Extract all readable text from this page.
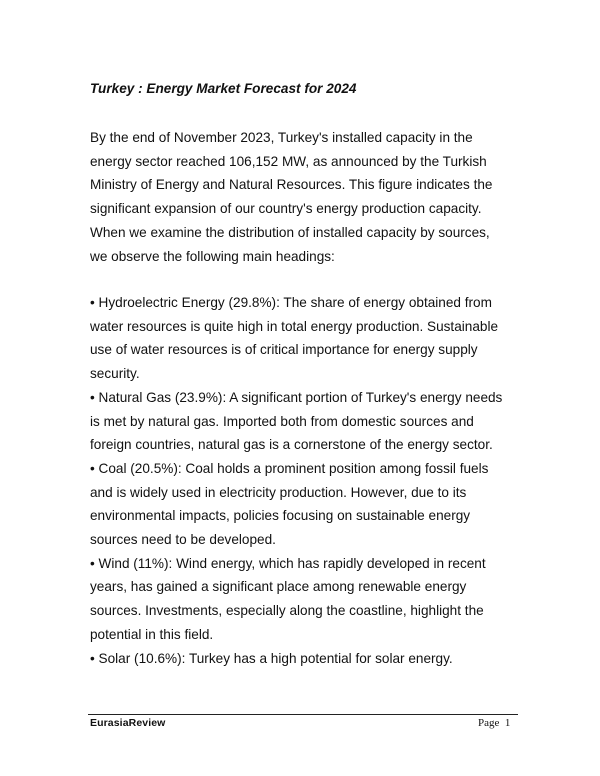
Turkey : Energy Market Forecast for 2024
By the end of November 2023, Turkey's installed capacity in the
energy sector reached 106,152 MW, as announced by the Turkish
Ministry of Energy and Natural Resources. This figure indicates the
significant expansion of our country's energy production capacity.
When we examine the distribution of installed capacity by sources,
we observe the following main headings:
• Hydroelectric Energy (29.8%): The share of energy obtained from
water resources is quite high in total energy production. Sustainable
use of water resources is of critical importance for energy supply
security.
• Natural Gas (23.9%): A significant portion of Turkey's energy needs
is met by natural gas. Imported both from domestic sources and
foreign countries, natural gas is a cornerstone of the energy sector.
• Coal (20.5%): Coal holds a prominent position among fossil fuels
and is widely used in electricity production. However, due to its
environmental impacts, policies focusing on sustainable energy
sources need to be developed.
• Wind (11%): Wind energy, which has rapidly developed in recent
years, has gained a significant place among renewable energy
sources. Investments, especially along the coastline, highlight the
potential in this field.
• Solar (10.6%): Turkey has a high potential for solar energy.
EurasiaReview	Page 1
